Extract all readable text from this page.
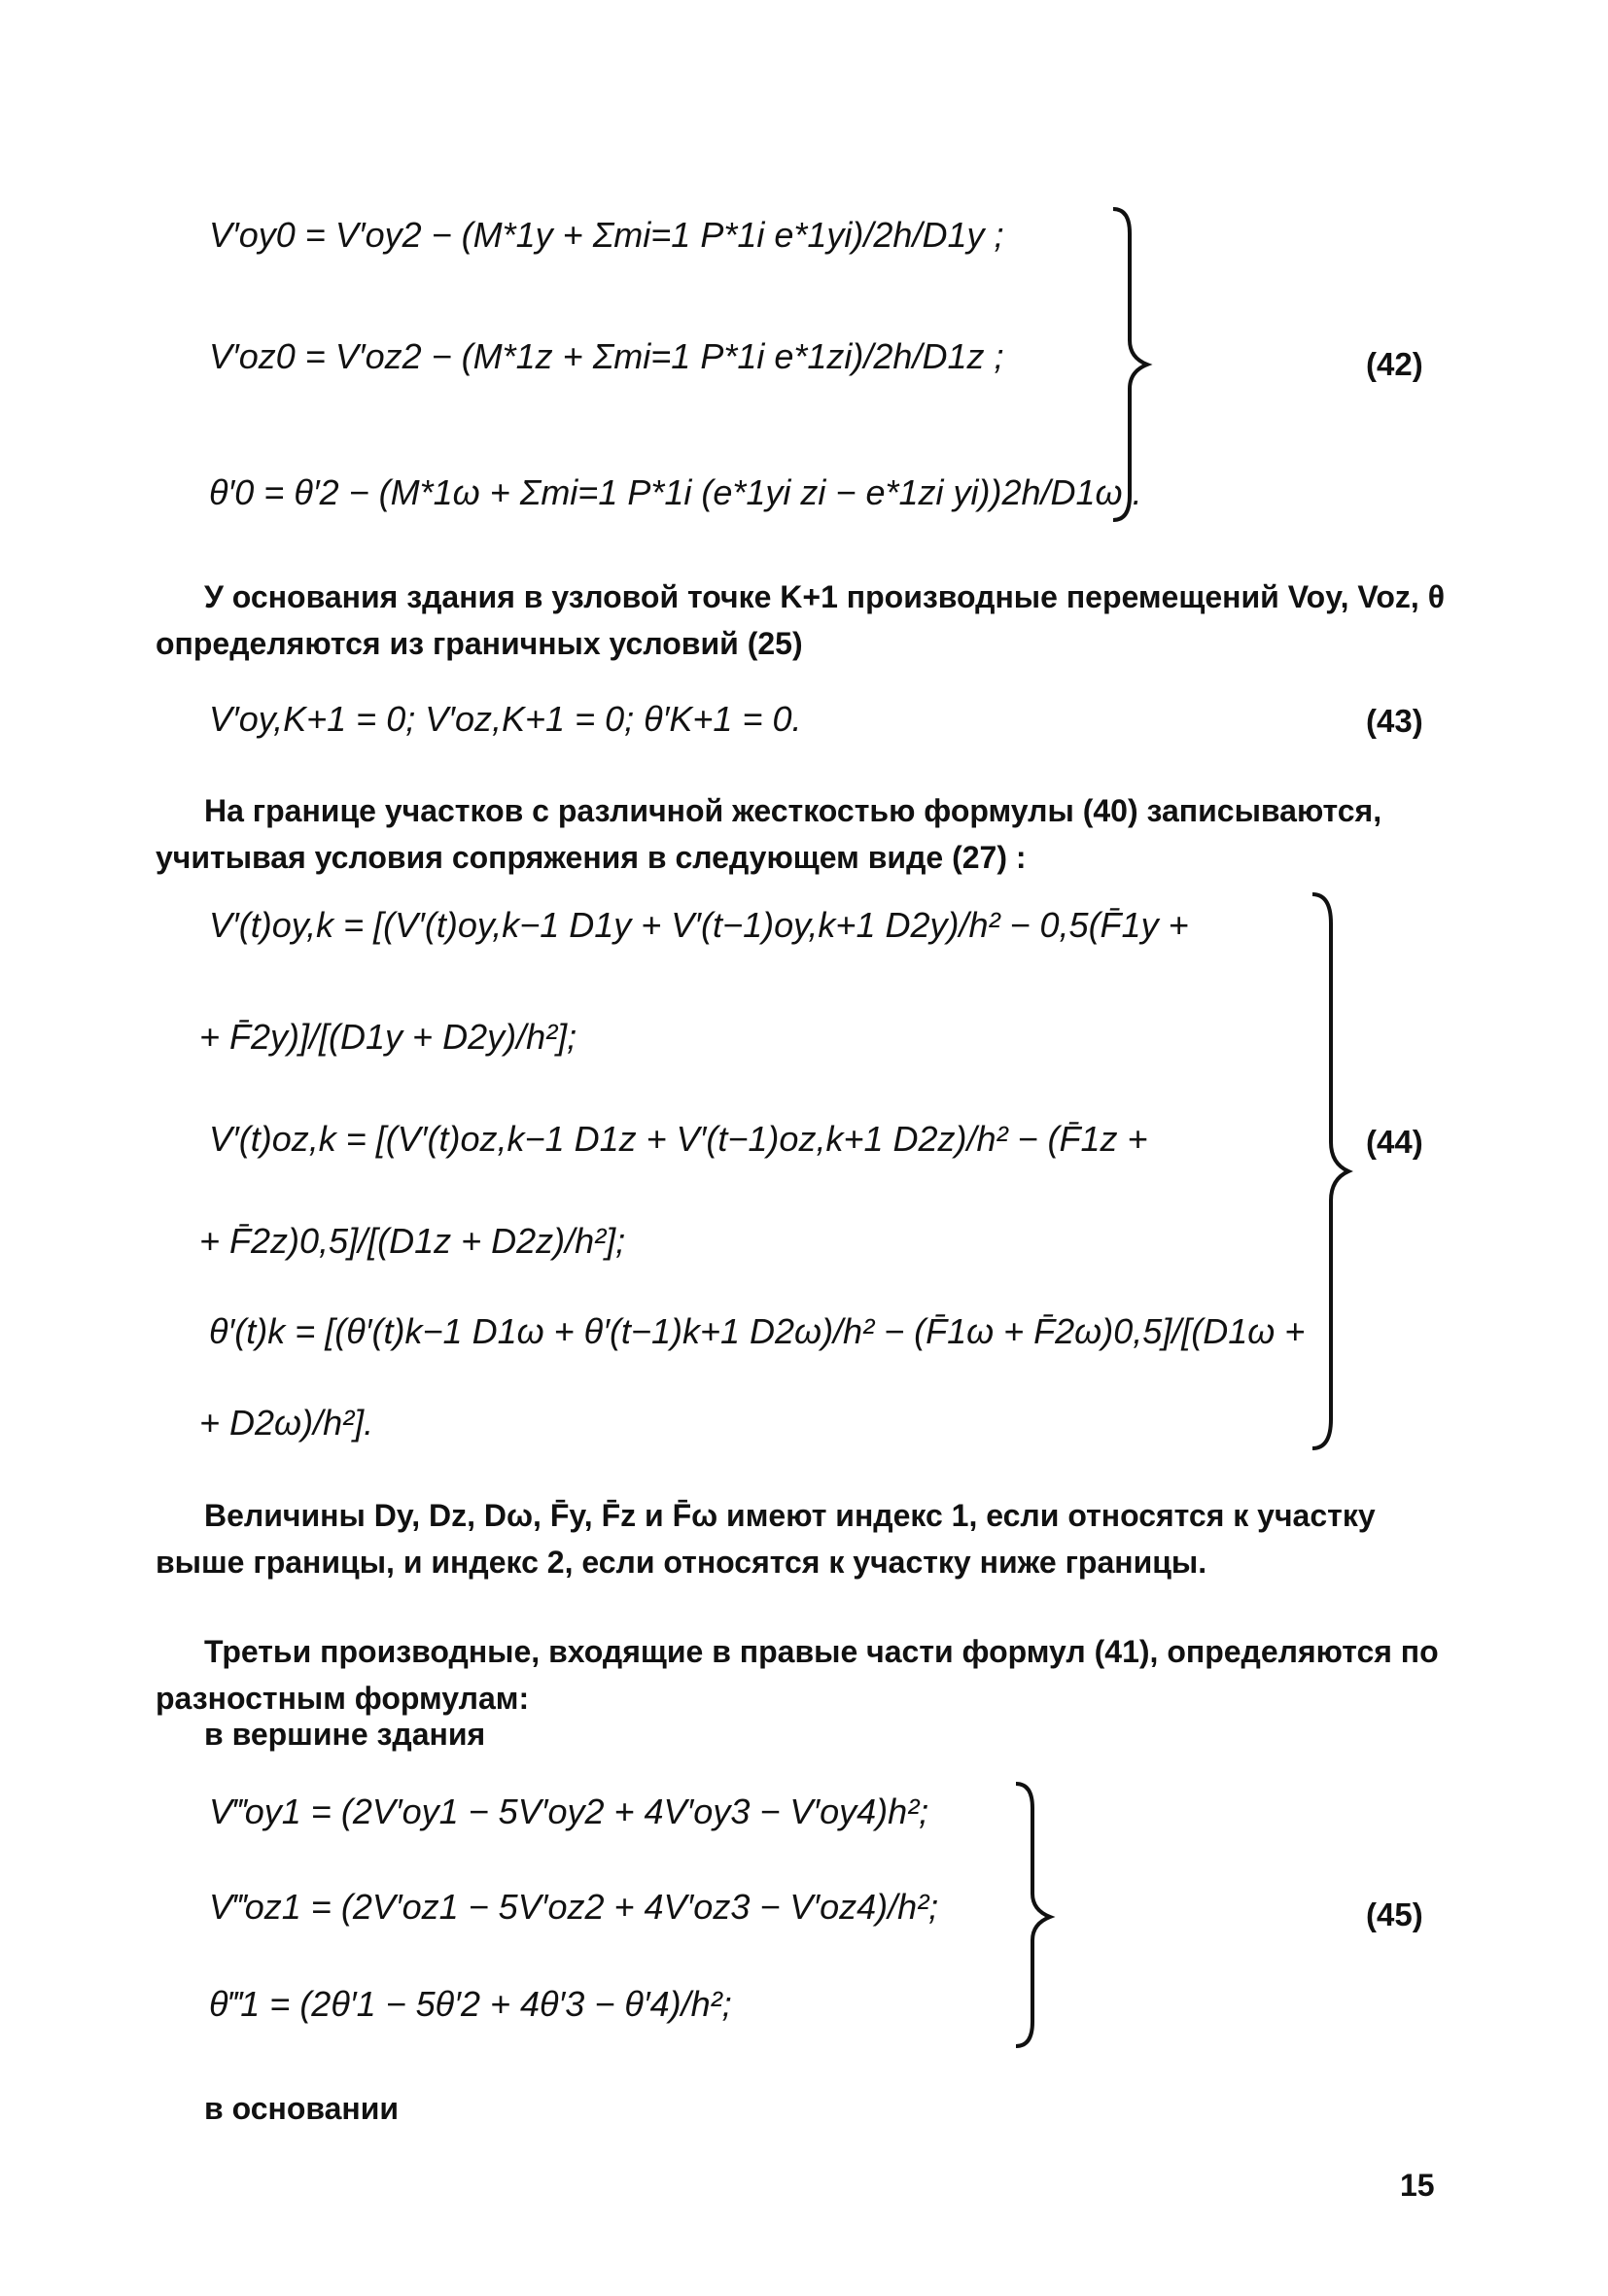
V′oy0 = V′oy2 − (M*1y + Σmi=1 P*1i e*1yi)/2h/D1y ;
V′oz0 = V′oz2 − (M*1z + Σmi=1 P*1i e*1zi)/2h/D1z ;
θ′0 = θ′2 − (M*1ω + Σmi=1 P*1i (e*1yi zi − e*1zi yi))2h/D1ω .
(42)
У основания здания в узловой точке K+1 производные перемещений Voy, Voz, θ определяются из граничных условий (25)
V′oy,K+1 = 0; V′oz,K+1 = 0; θ′K+1 = 0.	(43)
На границе участков с различной жесткостью формулы (40) записываются, учитывая условия сопряжения в следующем виде (27) :
V′(t)oy,k = [(V′(t)oy,k−1 D1y + V′(t−1)oy,k+1 D2y)/h² − 0,5(F̄1y +
+ F̄2y)]/[(D1y + D2y)/h²];
V′(t)oz,k = [(V′(t)oz,k−1 D1z + V′(t−1)oz,k+1 D2z)/h² − (F̄1z +
+ F̄2z)0,5]/[(D1z + D2z)/h²];
θ′(t)k = [(θ′(t)k−1 D1ω + θ′(t−1)k+1 D2ω)/h² − (F̄1ω + F̄2ω)0,5]/[(D1ω +
+ D2ω)/h²].
(44)
Величины Dy, Dz, Dω, F̄y, F̄z и F̄ω имеют индекс 1, если относятся к участку выше границы, и индекс 2, если относятся к участку ниже границы.
Третьи производные, входящие в правые части формул (41), определяются по разностным формулам:
в вершине здания
V‴oy1 = (2V′oy1 − 5V′oy2 + 4V′oy3 − V′oy4)h²;
V‴oz1 = (2V′oz1 − 5V′oz2 + 4V′oz3 − V′oz4)/h²;
θ‴1 = (2θ′1 − 5θ′2 + 4θ′3 − θ′4)/h²;
(45)
в основании
15
